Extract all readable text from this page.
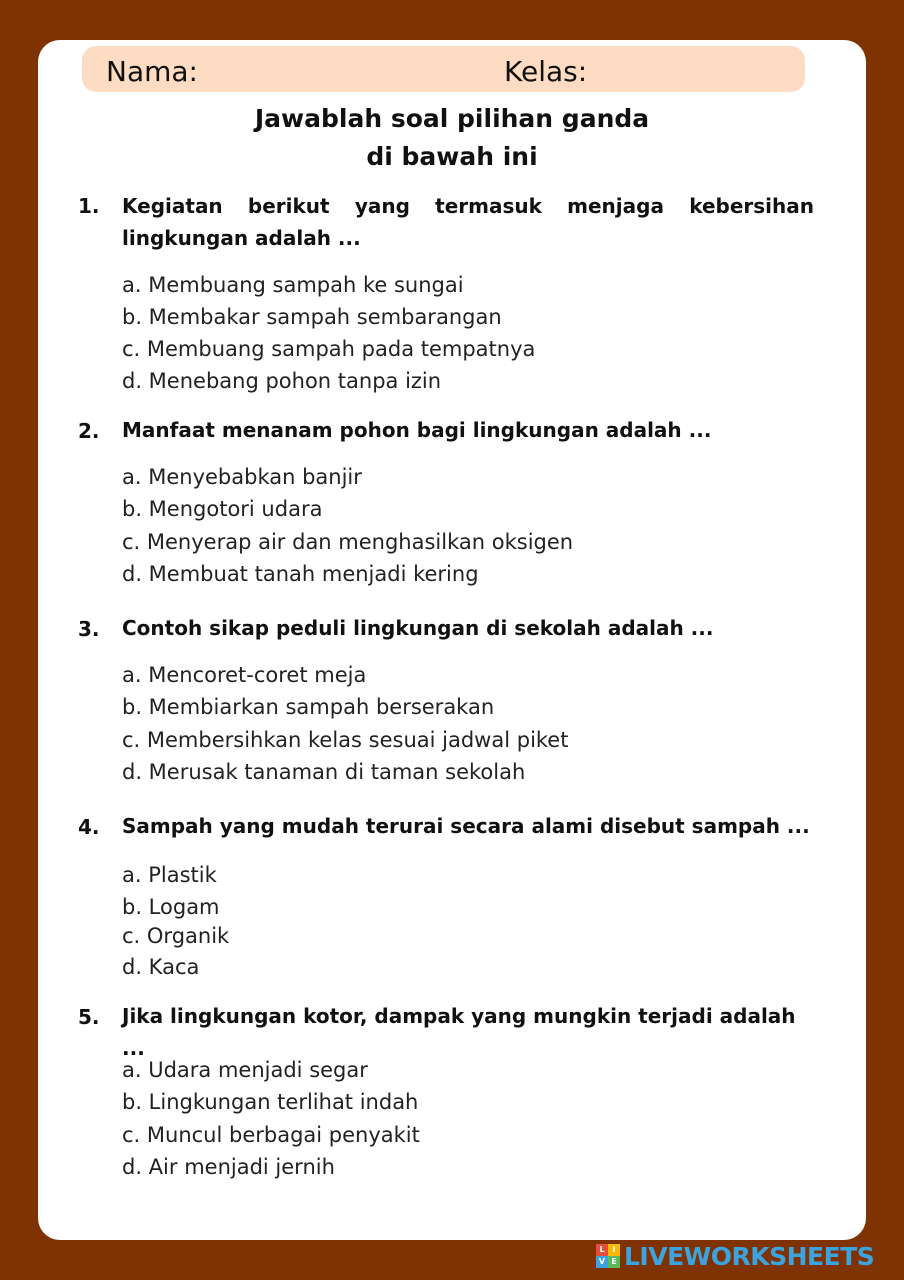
Nama:	Kelas:
Jawablah soal pilihan ganda
di bawah ini
1. Kegiatan berikut yang termasuk menjaga kebersihan lingkungan adalah ...
a. Membuang sampah ke sungai
b. Membakar sampah sembarangan
c. Membuang sampah pada tempatnya
d. Menebang pohon tanpa izin
2. Manfaat menanam pohon bagi lingkungan adalah ...
a. Menyebabkan banjir
b. Mengotori udara
c. Menyerap air dan menghasilkan oksigen
d. Membuat tanah menjadi kering
3. Contoh sikap peduli lingkungan di sekolah adalah ...
a. Mencoret-coret meja
b. Membiarkan sampah berserakan
c. Membersihkan kelas sesuai jadwal piket
d. Merusak tanaman di taman sekolah
4. Sampah yang mudah terurai secara alami disebut sampah ...
a. Plastik
b. Logam
c. Organik
d. Kaca
5. Jika lingkungan kotor, dampak yang mungkin terjadi adalah ...
a. Udara menjadi segar
b. Lingkungan terlihat indah
c. Muncul berbagai penyakit
d. Air menjadi jernih
L I
V E LIVEWORKSHEETS
